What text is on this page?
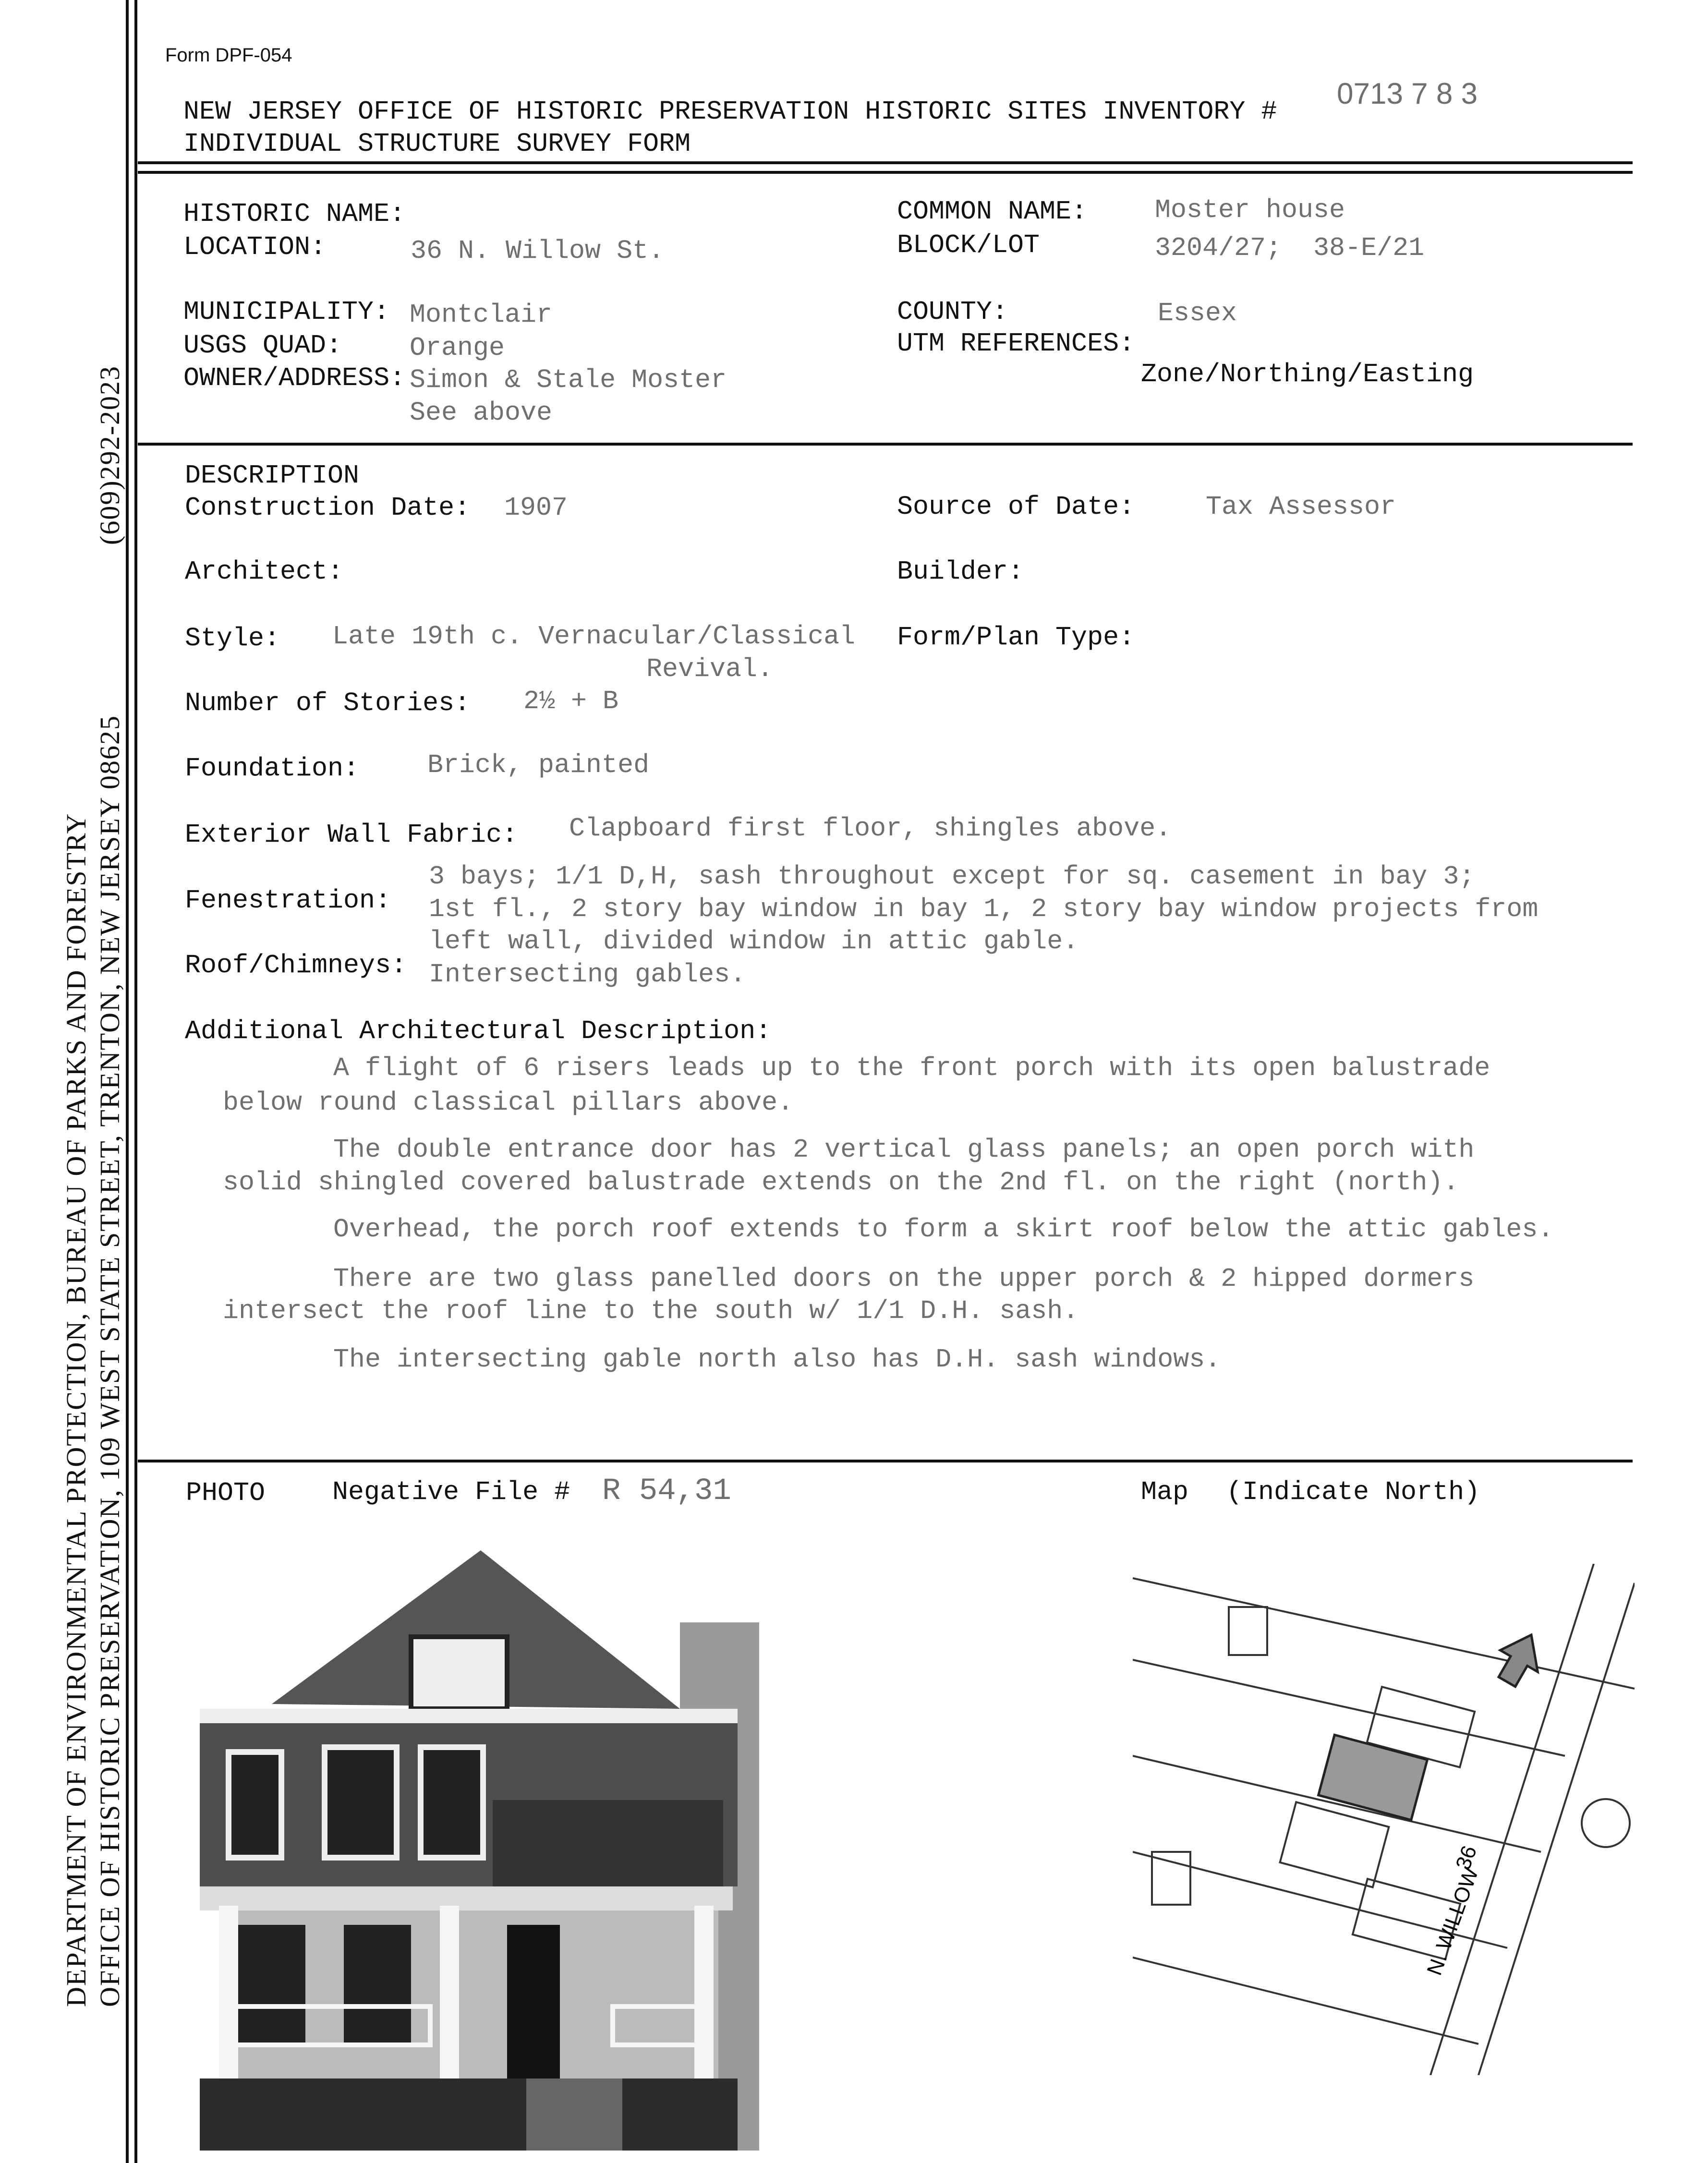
DEPARTMENT OF ENVIRONMENTAL PROTECTION, BUREAU OF PARKS AND FORESTRY OFFICE OF HISTORIC PRESERVATION, 109 WEST STATE STREET, TRENTON, NEW JERSEY 08625
(609)292-2023
Form DPF-054
0713 7 8 3
NEW JERSEY OFFICE OF HISTORIC PRESERVATION HISTORIC SITES INVENTORY #
INDIVIDUAL STRUCTURE SURVEY FORM
HISTORIC NAME:
LOCATION:	36 N. Willow St.
COMMON NAME:	Moster house
BLOCK/LOT	3204/27;  38-E/21
MUNICIPALITY: Montclair
USGS QUAD:	Orange
OWNER/ADDRESS: Simon & Stale Moster
See above
COUNTY:	Essex
UTM REFERENCES:
Zone/Northing/Easting
DESCRIPTION
Construction Date: 1907	Source of Date:	Tax Assessor
Architect:	Builder:
Style: Late 19th c. Vernacular/Classical
Revival.
Form/Plan Type:
Number of Stories: 2½ + B
Foundation:	Brick, painted
Exterior Wall Fabric: Clapboard first floor, shingles above.
Fenestration:
3 bays; 1/1 D,H, sash throughout except for sq. casement in bay 3;
1st fl., 2 story bay window in bay 1, 2 story bay window projects from
left wall, divided window in attic gable.
Roof/Chimneys: Intersecting gables.
Additional Architectural Description:
A flight of 6 risers leads up to the front porch with its open balustrade
below round classical pillars above.
The double entrance door has 2 vertical glass panels; an open porch with
solid shingled covered balustrade extends on the 2nd fl. on the right (north).
Overhead, the porch roof extends to form a skirt roof below the attic gables.
There are two glass panelled doors on the upper porch & 2 hipped dormers
intersect the roof line to the south w/ 1/1 D.H. sash.
The intersecting gable north also has D.H. sash windows.
PHOTO	Negative File # R 54,31	Map (Indicate North)
36
N. WILLOW
